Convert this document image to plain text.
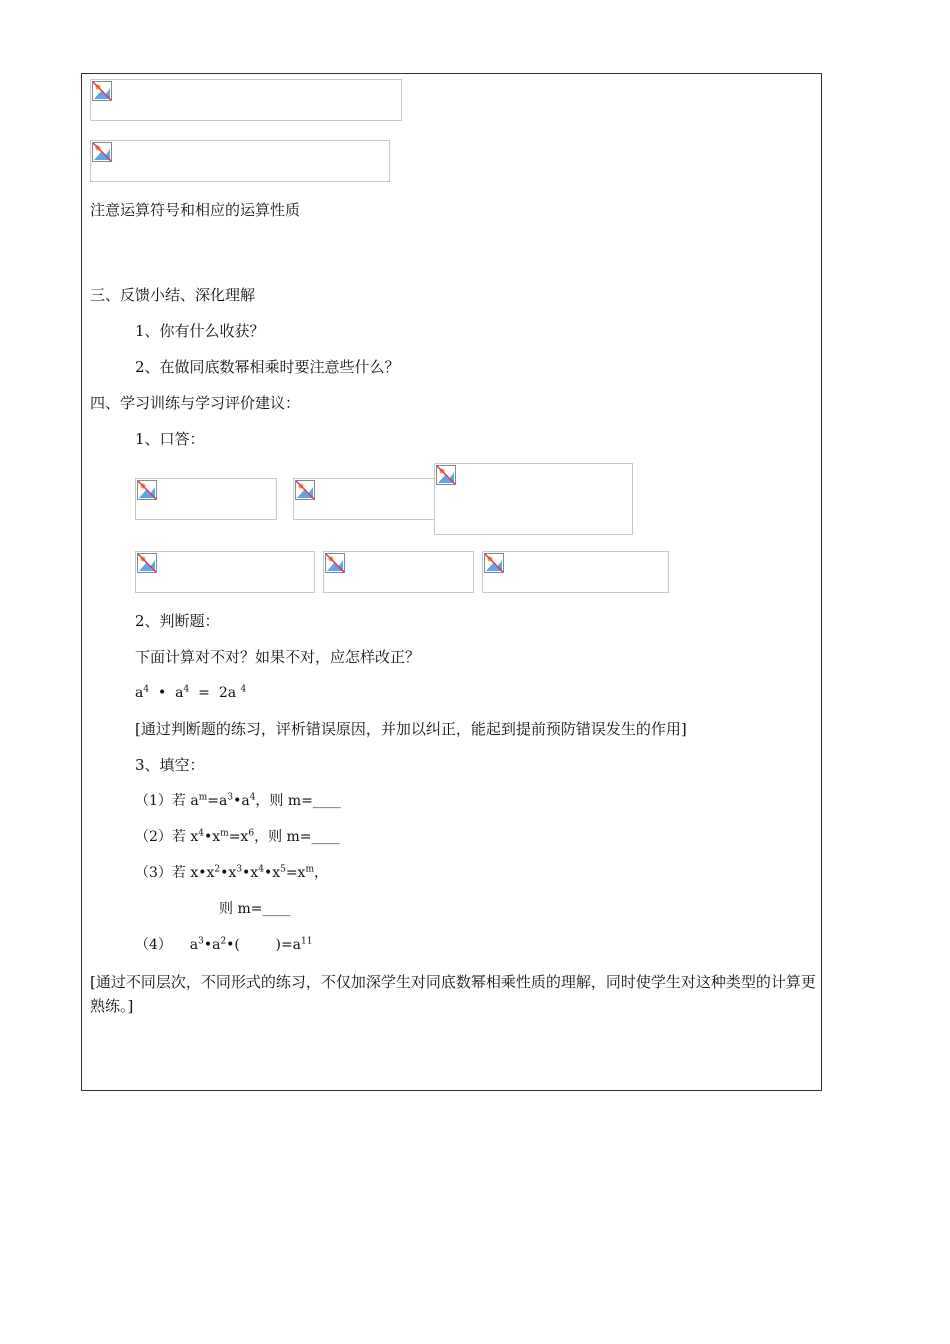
注意运算符号和相应的运算性质
三、反馈小结、深化理解
1、你有什么收获？
2、在做同底数幂相乘时要注意些什么？
四、学习训练与学习评价建议：
1、口答：
2、判断题：
下面计算对不对？如果不对，应怎样改正？
$a^4$ • $a^4 = 2a$ $^4$
[通过判断题的练习，评析错误原因，并加以纠正，能起到提前预防错误发生的作用]
3、填空：
（1）若 $a^m=a^3•a^4$，则 m=____
（2）若 $x^4•x^m=x^6$，则 m=____
（3）若 $x•x^2•x^3•x^4•x^5=x^m$，
则 m=____
（4） $a^3•a^2•$(        )$=a^{11}$
[通过不同层次，不同形式的练习，不仅加深学生对同底数幂相乘性质的理解，同时使学生对这种类型的计算更熟练。]
